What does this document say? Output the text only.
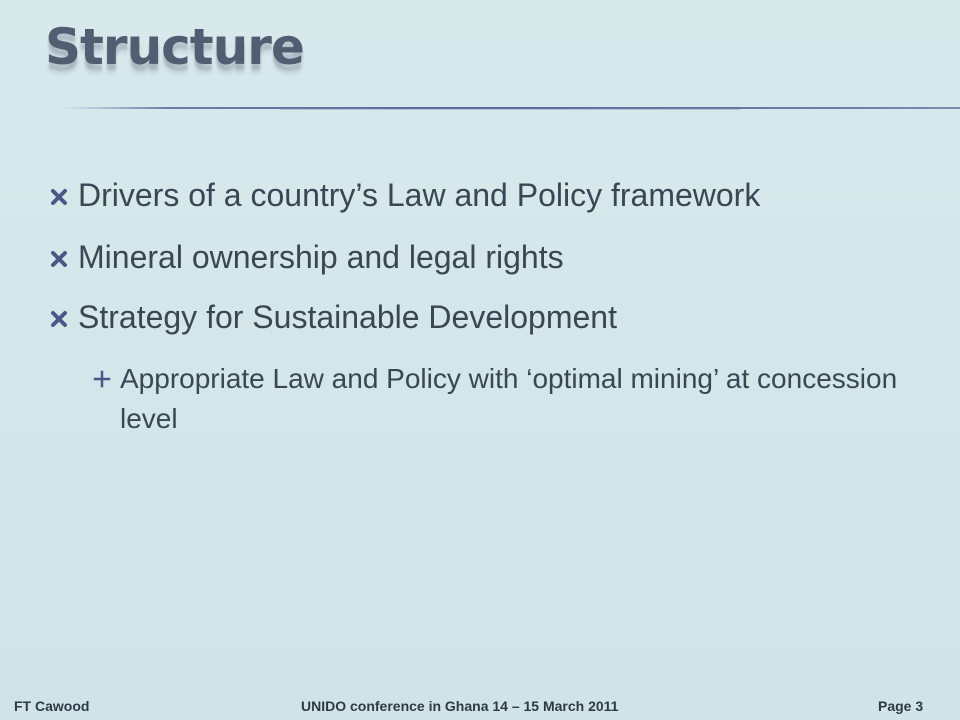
Structure
Drivers of a country’s Law and Policy framework
Mineral ownership and legal rights
Strategy for Sustainable Development
Appropriate Law and Policy with ‘optimal mining’ at concession level
FT Cawood	UNIDO conference in Ghana 14 – 15 March 2011	Page 3
